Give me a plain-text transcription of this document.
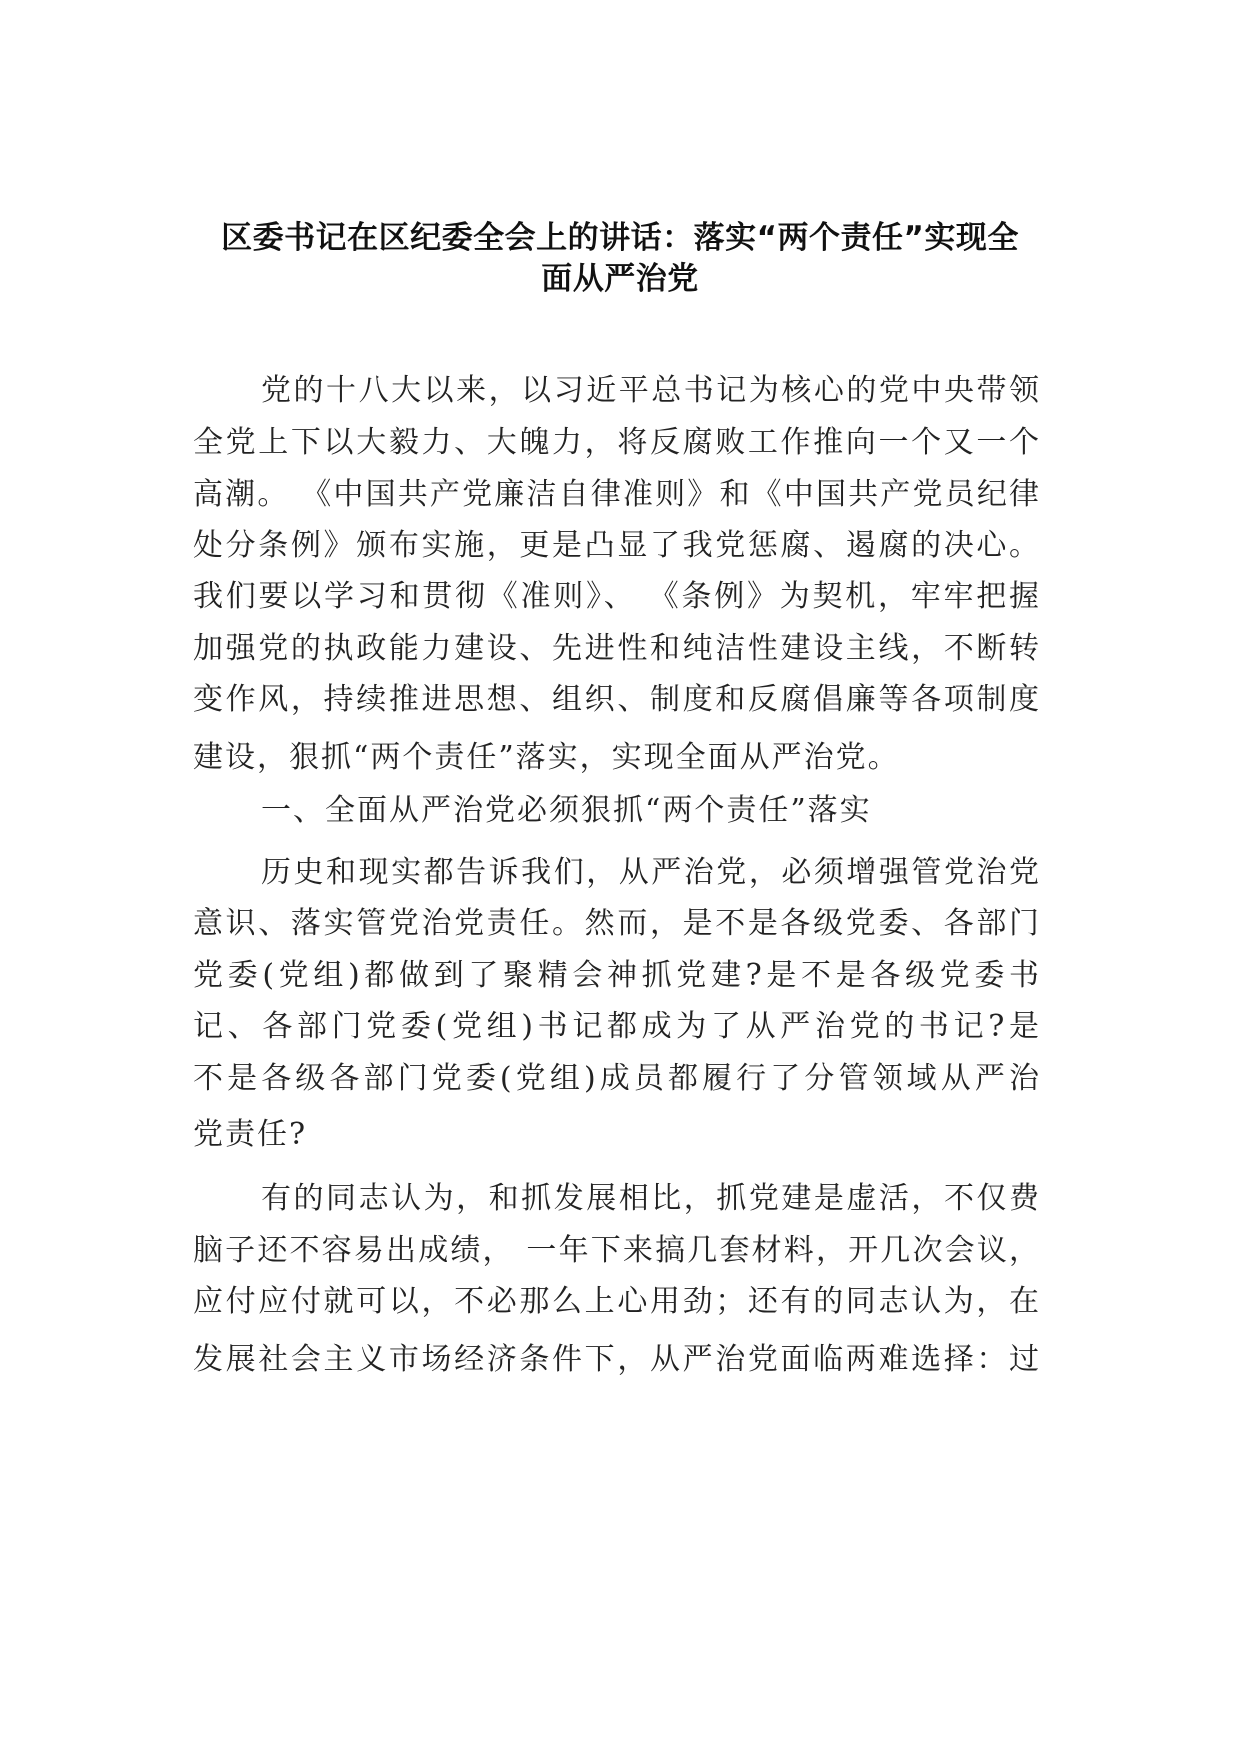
区委书记在区纪委全会上的讲话：落实“两个责任”实现全
面从严治党
党的十八大以来，以习近平总书记为核心的党中央带领
全党上下以大毅力、大魄力，将反腐败工作推向一个又一个
高潮。 《中国共产党廉洁自律准则》和《中国共产党员纪律
处分条例》颁布实施，更是凸显了我党惩腐、遏腐的决心。
我们要以学习和贯彻《准则》、 《条例》为契机，牢牢把握
加强党的执政能力建设、先进性和纯洁性建设主线，不断转
变作风，持续推进思想、组织、制度和反腐倡廉等各项制度
建设，狠抓“两个责任”落实，实现全面从严治党。
一、全面从严治党必须狠抓“两个责任”落实
历史和现实都告诉我们，从严治党，必须增强管党治党
意识、落实管党治党责任。然而，是不是各级党委、各部门
党委(党组)都做到了聚精会神抓党建?是不是各级党委书
记、各部门党委(党组)书记都成为了从严治党的书记?是
不是各级各部门党委(党组)成员都履行了分管领域从严治
党责任?
有的同志认为，和抓发展相比，抓党建是虚活，不仅费
脑子还不容易出成绩， 一年下来搞几套材料，开几次会议，
应付应付就可以，不必那么上心用劲；还有的同志认为，在
发展社会主义市场经济条件下，从严治党面临两难选择：过
